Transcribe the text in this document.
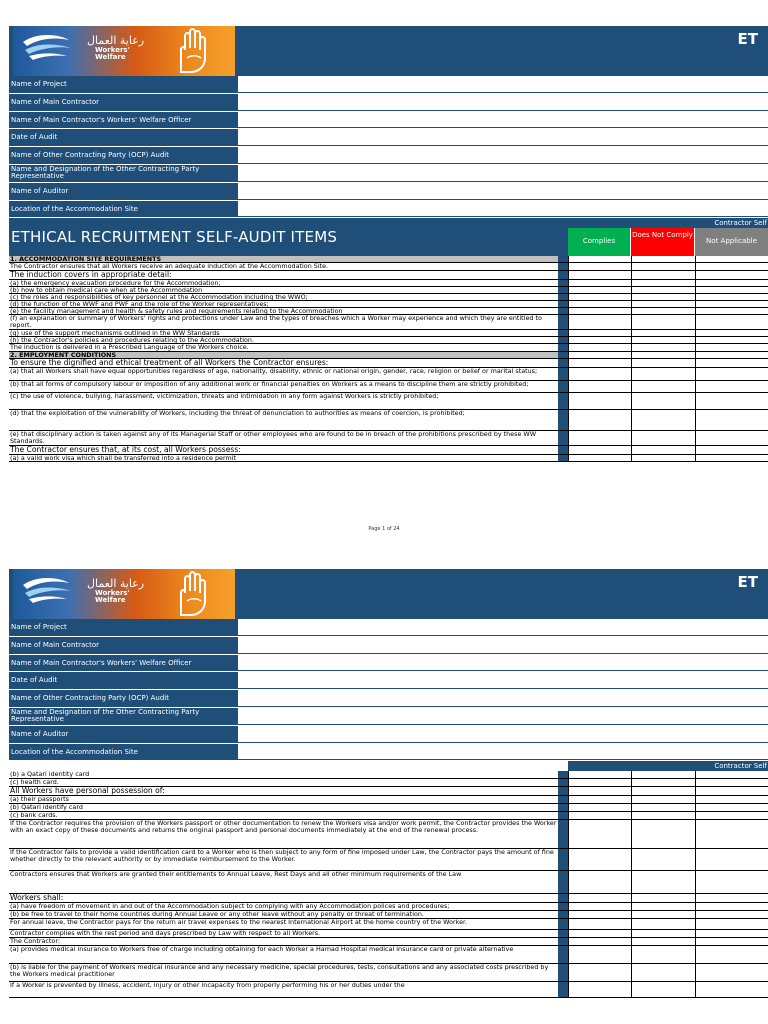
رعاية العمال
Workers'
Welfare
ET
Name of Project
Name of Main Contractor
Name of Main Contractor's Workers' Welfare Officer
Date of Audit
Name of Other Contracting Party (OCP) Audit
Name and Designation of the Other Contracting Party Representative
Name of Auditor
Location of the Accommodation Site
ETHICAL RECRUITMENT SELF-AUDIT ITEMS
Contractor Self
Complies
Does Not Comply
Not Applicable
1. ACCOMMODATION SITE REQUIREMENTS
The Contractor ensures that all Workers receive an adequate induction at the Accommodation Site.
The induction covers in appropriate detail:
(a) the emergency evacuation procedure for the Accommodation;
(b) how to obtain medical care when at the Accommodation
(c) the roles and responsibilities of key personnel at the Accommodation including the WWO;
(d) the function of the WWF and PWF and the role of the Worker representatives;
(e) the facility management and health & safety rules and requirements relating to the Accommodation
(f) an explanation or summary of Workers' rights and protections under Law and the types of breaches which a Worker may experience and which they are entitled to report.
(g) use of the support mechanisms outlined in the WW Standards
(h) the Contractor's policies and procedures relating to the Accommodation.
The induction is delivered in a Prescribed Language of the Workers choice.
2. EMPLOYMENT CONDITIONS
To ensure the dignified and ethical treatment of all Workers the Contractor ensures:
(a) that all Workers shall have equal opportunities regardless of age, nationality, disability, ethnic or national origin, gender, race, religion or belief or marital status;
(b) that all forms of compulsory labour or imposition of any additional work or financial penalties on Workers as a means to discipline them are strictly prohibited;
(c) the use of violence, bullying, harassment, victimization, threats and intimidation in any form against Workers is strictly prohibited;
(d) that the exploitation of the vulnerability of Workers, including the threat of denunciation to authorities as means of coercion, is prohibited;
(e) that disciplinary action is taken against any of its Managerial Staff or other employees who are found to be in breach of the prohibitions prescribed by these WW Standards.
The Contractor ensures that, at its cost, all Workers possess:
(a) a valid work visa which shall be transferred into a residence permit
Page 1 of 24
رعاية العمال
Workers'
Welfare
ET
Name of Project
Name of Main Contractor
Name of Main Contractor's Workers' Welfare Officer
Date of Audit
Name of Other Contracting Party (OCP) Audit
Name and Designation of the Other Contracting Party Representative
Name of Auditor
Location of the Accommodation Site
Contractor Self
(b) a Qatari identity card
(c) health card.
All Workers have personal possession of:
(a) their passports
(b) Qatari identify card
(c) bank cards.
If the Contractor requires the provision of the Workers passport or other documentation to renew the Workers visa and/or work permit, the Contractor provides the Worker with an exact copy of these documents and returns the original passport and personal documents immediately at the end of the renewal process.
If the Contractor fails to provide a valid identification card to a Worker who is then subject to any form of fine imposed under Law, the Contractor pays the amount of fine whether directly to the relevant authority or by immediate reimbursement to the Worker.
Contractors ensures that Workers are granted their entitlements to Annual Leave, Rest Days and all other minimum requirements of the Law
Workers shall:
(a) have freedom of movement in and out of the Accommodation subject to complying with any Accommodation polices and procedures;
(b) be free to travel to their home countries during Annual Leave or any other leave without any penalty or threat of termination.
For annual leave, the Contractor pays for the return air travel expenses to the nearest International Airport at the home country of the Worker.
Contractor complies with the rest period and days prescribed by Law with respect to all Workers.
The Contractor:
(a) provides medical insurance to Workers free of charge including obtaining for each Worker a Hamad Hospital medical insurance card or private alternative
(b) is liable for the payment of Workers medical insurance and any necessary medicine, special procedures, tests, consultations and any associated costs prescribed by the Workers medical practitioner
If a Worker is prevented by illness, accident, injury or other incapacity from properly performing his or her duties under the
